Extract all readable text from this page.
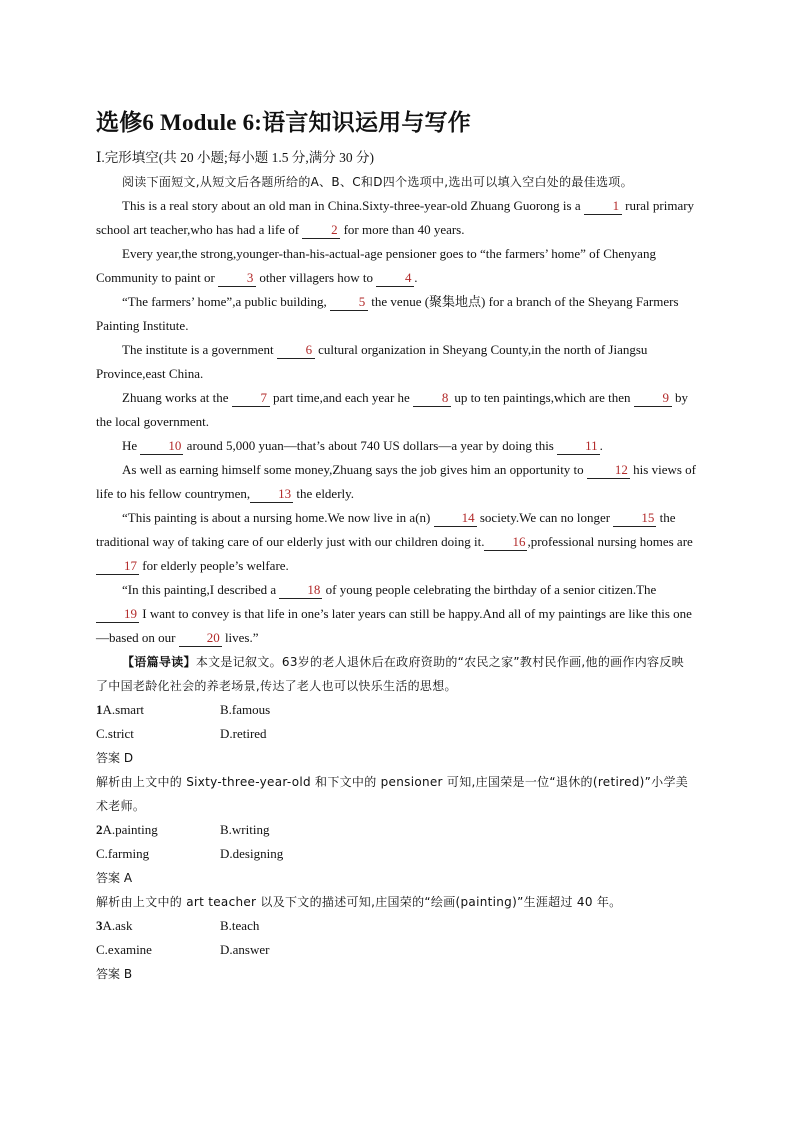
选修6 Module 6:语言知识运用与写作

Ⅰ.完形填空(共 20 小题;每小题 1.5 分,满分 30 分)

阅读下面短文,从短文后各题所给的A、B、C和D四个选项中,选出可以填入空白处的最佳选项。

This is a real story about an old man in China.Sixty-three-year-old Zhuang Guorong is a 1 rural primary school art teacher,who has had a life of 2 for more than 40 years.

Every year,the strong,younger-than-his-actual-age pensioner goes to “the farmers’ home” of Chenyang Community to paint or 3 other villagers how to 4 .

“The farmers’ home”,a public building, 5 the venue (聚集地点) for a branch of the Sheyang Farmers Painting Institute.

The institute is a government 6 cultural organization in Sheyang County,in the north of Jiangsu Province,east China.

Zhuang works at the 7 part time,and each year he 8 up to ten paintings,which are then 9 by the local government.

He 10 around 5,000 yuan—that’s about 740 US dollars—a year by doing this 11 .

As well as earning himself some money,Zhuang says the job gives him an opportunity to 12 his views of life to his fellow countrymen, 13 the elderly.

“This painting is about a nursing home.We now live in a(n) 14 society.We can no longer 15 the traditional way of taking care of our elderly just with our children doing it. 16 ,professional nursing homes are 17 for elderly people’s welfare.

“In this painting,I described a 18 of young people celebrating the birthday of a senior citizen.The 19 I want to convey is that life in one’s later years can still be happy.And all of my paintings are like this one—based on our 20 lives.”

【语篇导读】本文是记叙文。63岁的老人退休后在政府资助的“农民之家”教村民作画,他的画作内容反映了中国老龄化社会的养老场景,传达了老人也可以快乐生活的思想。

1A.smart	B.famous
C.strict	D.retired

答案 D

解析由上文中的 Sixty-three-year-old 和下文中的 pensioner 可知,庄国荣是一位“退休的(retired)”小学美术老师。

2A.painting	B.writing
C.farming	D.designing

答案 A

解析由上文中的 art teacher 以及下文的描述可知,庄国荣的“绘画(painting)”生涯超过 40 年。

3A.ask	B.teach
C.examine	D.answer

答案 B
